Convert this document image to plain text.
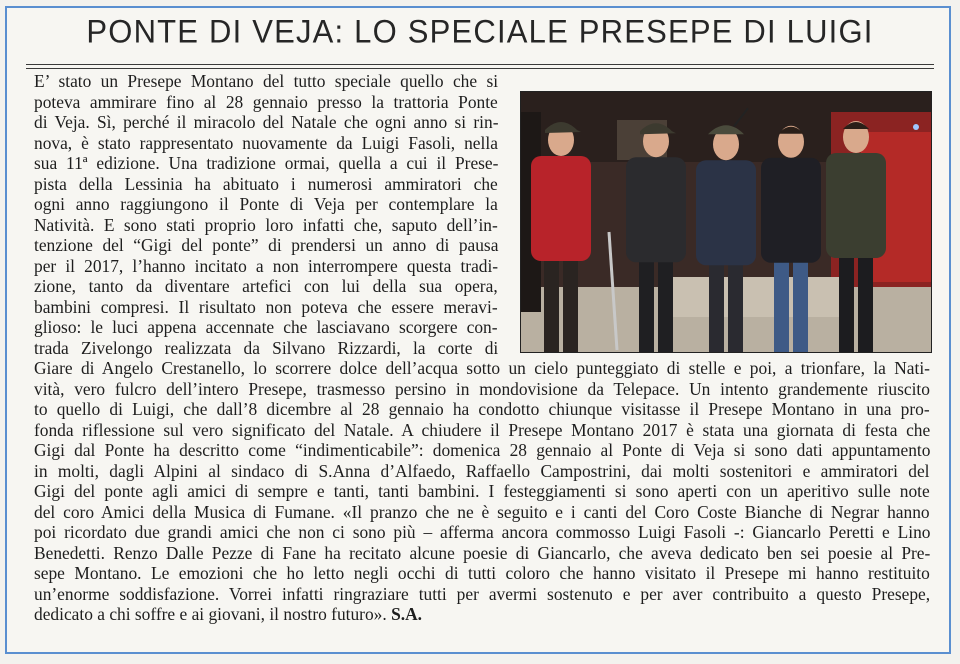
PONTE DI VEJA: LO SPECIALE PRESEPE DI LUIGI
E’ stato un Presepe Montano del tutto speciale quello che si
poteva ammirare fino al 28 gennaio presso la trattoria Ponte
di Veja. Sì, perché il miracolo del Natale che ogni anno si rin-
nova, è stato rappresentato nuovamente da Luigi Fasoli, nella
sua 11ª edizione. Una tradizione ormai, quella a cui il Prese-
pista della Lessinia ha abituato i numerosi ammiratori che
ogni anno raggiungono il Ponte di Veja per contemplare la
Natività. E sono stati proprio loro infatti che, saputo dell’in-
tenzione del “Gigi del ponte” di prendersi un anno di pausa
per il 2017, l’hanno incitato a non interrompere questa tradi-
zione, tanto da diventare artefici con lui della sua opera,
bambini compresi. Il risultato non poteva che essere meravi-
glioso: le luci appena accennate che lasciavano scorgere con-
trada Zivelongo realizzata da Silvano Rizzardi, la corte di
Giare di Angelo Crestanello, lo scorrere dolce dell’acqua sotto un cielo punteggiato di stelle e poi, a trionfare, la Nati-
vità, vero fulcro dell’intero Presepe, trasmesso persino in mondovisione da Telepace. Un intento grandemente riuscito
to quello di Luigi, che dall’8 dicembre al 28 gennaio ha condotto chiunque visitasse il Presepe Montano in una pro-
fonda riflessione sul vero significato del Natale. A chiudere il Presepe Montano 2017 è stata una giornata di festa che
Gigi dal Ponte ha descritto come “indimenticabile”: domenica 28 gennaio al Ponte di Veja si sono dati appuntamento
in molti, dagli Alpini al sindaco di S.Anna d’Alfaedo, Raffaello Campostrini, dai molti sostenitori e ammiratori del
Gigi del ponte agli amici di sempre e tanti, tanti bambini. I festeggiamenti si sono aperti con un aperitivo sulle note
del coro Amici della Musica di Fumane. «Il pranzo che ne è seguito e i canti del Coro Coste Bianche di Negrar hanno
poi ricordato due grandi amici che non ci sono più – afferma ancora commosso Luigi Fasoli -: Giancarlo Peretti e Lino
Benedetti. Renzo Dalle Pezze di Fane ha recitato alcune poesie di Giancarlo, che aveva dedicato ben sei poesie al Pre-
sepe Montano. Le emozioni che ho letto negli occhi di tutti coloro che hanno visitato il Presepe mi hanno restituito
un’enorme soddisfazione. Vorrei infatti ringraziare tutti per avermi sostenuto e per aver contribuito a questo Presepe,
dedicato a chi soffre e ai giovani, il nostro futuro». S.A.
